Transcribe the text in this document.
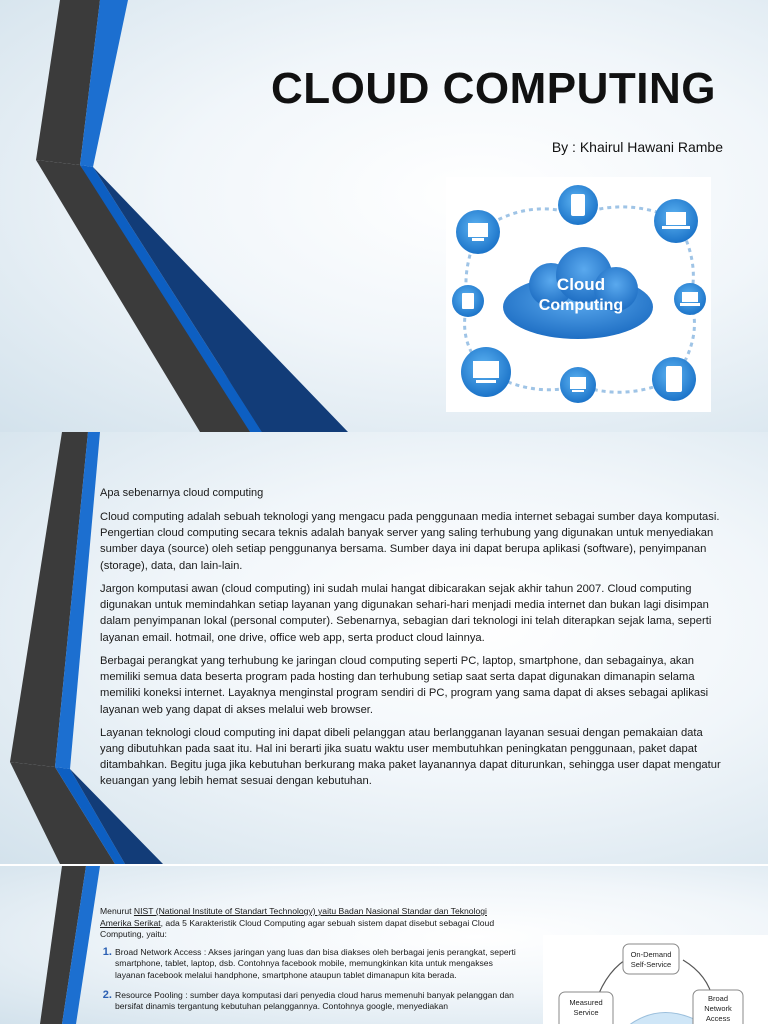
CLOUD COMPUTING

By : Khairul Hawani Rambe

Cloud
Computing

Apa sebenarnya cloud computing

Cloud computing adalah sebuah teknologi yang mengacu pada penggunaan media internet sebagai sumber daya komputasi. Pengertian cloud computing secara teknis adalah banyak server yang saling terhubung yang digunakan untuk menyediakan sumber daya (source) oleh setiap penggunanya bersama. Sumber daya ini dapat berupa aplikasi (software), penyimpanan (storage), data, dan lain-lain.

Jargon komputasi awan (cloud computing) ini sudah mulai hangat dibicarakan sejak akhir tahun 2007. Cloud computing digunakan untuk memindahkan setiap layanan yang digunakan sehari-hari menjadi media internet dan bukan lagi disimpan dalam penyimpanan lokal (personal computer). Sebenarnya, sebagian dari teknologi ini telah diterapkan sejak lama, seperti layanan email. hotmail, one drive, office web app, serta product cloud lainnya.

Berbagai perangkat yang terhubung ke jaringan cloud computing seperti PC, laptop, smartphone, dan sebagainya, akan memiliki semua data beserta program pada hosting dan terhubung setiap saat serta dapat digunakan dimanapin selama memiliki koneksi internet. Layaknya menginstal program sendiri di PC, program yang sama dapat di akses sebagai aplikasi layanan web yang dapat di akses melalui web browser.

Layanan teknologi cloud computing ini dapat dibeli pelanggan atau berlangganan layanan sesuai dengan pemakaian data yang dibutuhkan pada saat itu. Hal ini berarti jika suatu waktu user membutuhkan peningkatan penggunaan, paket dapat ditambahkan. Begitu juga jika kebutuhan berkurang maka paket layanannya dapat diturunkan, sehingga user dapat mengatur keuangan yang lebih hemat sesuai dengan kebutuhan.

Menurut NIST (National Institute of Standart Technology) yaitu Badan Nasional Standar dan Teknologi Amerika Serikat, ada 5 Karakteristik Cloud Computing agar sebuah sistem dapat disebut sebagai Cloud Computing, yaitu:

1. Broad Network Access : Akses jaringan yang luas dan bisa diakses oleh berbagai jenis perangkat, seperti smartphone, tablet, laptop, dsb. Contohnya facebook mobile, memungkinkan kita untuk mengakses layanan facebook melalui handphone, smartphone ataupun tablet dimanapun kita berada.
2. Resource Pooling : sumber daya komputasi dari penyedia cloud harus memenuhi banyak pelanggan dan bersifat dinamis tergantung kebutuhan pelanggannya. Contohnya google, menyediakan
On-Demand
Self-Service
Measured
Service
Broad
Network
Access
